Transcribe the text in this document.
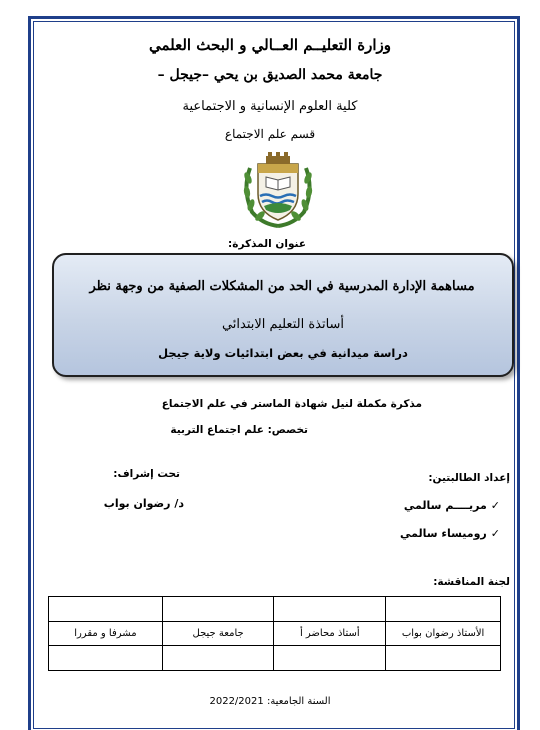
وزارة التعليــم العــالي و البحث العلمي
جامعة محمد الصديق بن يحي –جيجل –
كلية العلوم الإنسانية و الاجتماعية
قسم علم الاجتماع
عنوان المذكرة:
مساهمة الإدارة المدرسية في الحد من المشكلات الصفية من وجهة نظر
أساتذة التعليم الابتدائي
دراسة ميدانية في بعض ابتدائيات ولاية جيجل
مذكرة مكملة لنيل شهادة الماستر في علم الاجتماع
تخصص: علم اجتماع التربية
إعداد الطالبتين:
تحت إشراف:
✓مريــــم سالمي
✓روميساء سالمي
د/ رضوان بواب
لجنة المناقشة:

الأستاذ رضوان بواب	أستاذ محاضر أ	جامعة جيجل	مشرفا و مقررا

السنة الجامعية: 2022/2021
